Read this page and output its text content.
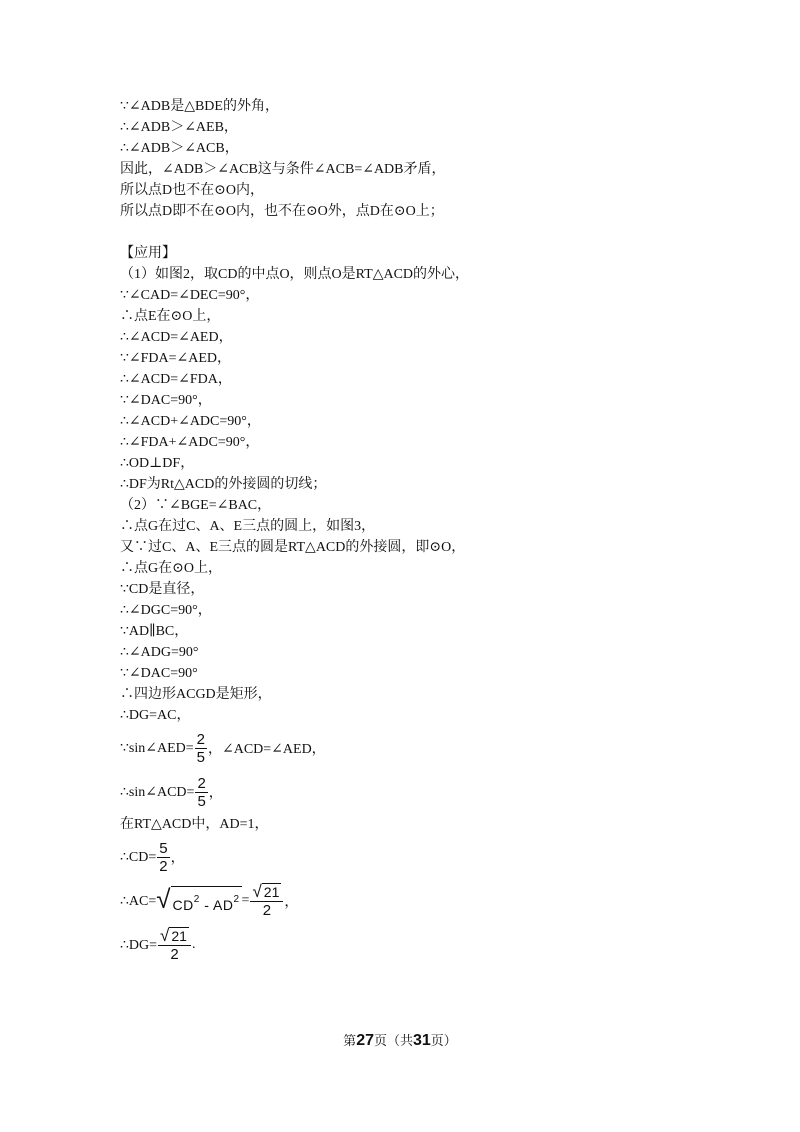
∵∠ADB是△BDE的外角，
∴∠ADB＞∠AEB，
∴∠ADB＞∠ACB，
因此，∠ADB＞∠ACB这与条件∠ACB=∠ADB矛盾，
所以点D也不在⊙O内，
所以点D即不在⊙O内，也不在⊙O外，点D在⊙O上；
【应用】
（1）如图2，取CD的中点O，则点O是RT△ACD的外心，
∵∠CAD=∠DEC=90°，
∴点E在⊙O上，
∴∠ACD=∠AED，
∵∠FDA=∠AED，
∴∠ACD=∠FDA，
∵∠DAC=90°，
∴∠ACD+∠ADC=90°，
∴∠FDA+∠ADC=90°，
∴OD⊥DF，
∴DF为Rt△ACD的外接圆的切线；
（2）∵∠BGE=∠BAC，
∴点G在过C、A、E三点的圆上，如图3，
又∵过C、A、E三点的圆是RT△ACD的外接圆，即⊙O，
∴点G在⊙O上，
∵CD是直径，
∴∠DGC=90°，
∵AD∥BC，
∴∠ADG=90°
∵∠DAC=90°
∴四边形ACGD是矩形，
∴DG=AC，
∵sin∠AED= $\frac{2}{5}$ ，∠ACD=∠AED，
∴sin∠ACD= $\frac{2}{5}$ ，
在RT△ACD中，AD=1，
∴CD= $\frac{5}{2}$ ，
∴AC= √ $CD^2 - AD^2 = \frac{√ 21}{2}$ ，
∴DG= $\frac{√ 21}{2}$ .
第27页（共31页）
